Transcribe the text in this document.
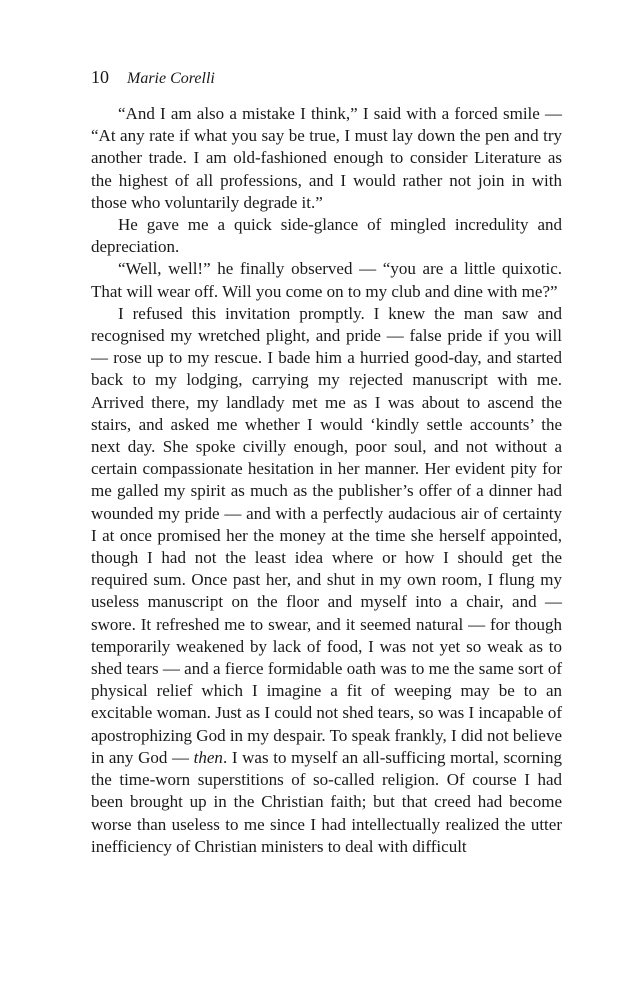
10 Marie Corelli

“And I am also a mistake I think,” I said with a forced smile — “At any rate if what you say be true, I must lay down the pen and try another trade. I am old-fashioned enough to consider Literature as the highest of all professions, and I would rather not join in with those who voluntarily degrade it.”

He gave me a quick side-glance of mingled incredulity and depreciation.

“Well, well!” he finally observed — “you are a little quixotic. That will wear off. Will you come on to my club and dine with me?”

I refused this invitation promptly. I knew the man saw and recognised my wretched plight, and pride — false pride if you will — rose up to my rescue. I bade him a hurried good-day, and started back to my lodging, carrying my rejected manuscript with me. Arrived there, my landlady met me as I was about to ascend the stairs, and asked me whether I would ‘kindly settle accounts’ the next day. She spoke civilly enough, poor soul, and not without a certain compassionate hesitation in her manner. Her evident pity for me galled my spirit as much as the publisher’s offer of a dinner had wounded my pride — and with a perfectly audacious air of certainty I at once promised her the money at the time she herself appointed, though I had not the least idea where or how I should get the required sum. Once past her, and shut in my own room, I flung my useless manuscript on the floor and myself into a chair, and — swore. It refreshed me to swear, and it seemed natural — for though temporarily weakened by lack of food, I was not yet so weak as to shed tears — and a fierce formidable oath was to me the same sort of physical relief which I imagine a fit of weeping may be to an excitable woman. Just as I could not shed tears, so was I incapable of apostrophizing God in my despair. To speak frankly, I did not believe in any God — then. I was to myself an all-sufficing mortal, scorning the time-worn superstitions of so-called religion. Of course I had been brought up in the Christian faith; but that creed had become worse than useless to me since I had intellectually realized the utter inefficiency of Christian ministers to deal with difficult
